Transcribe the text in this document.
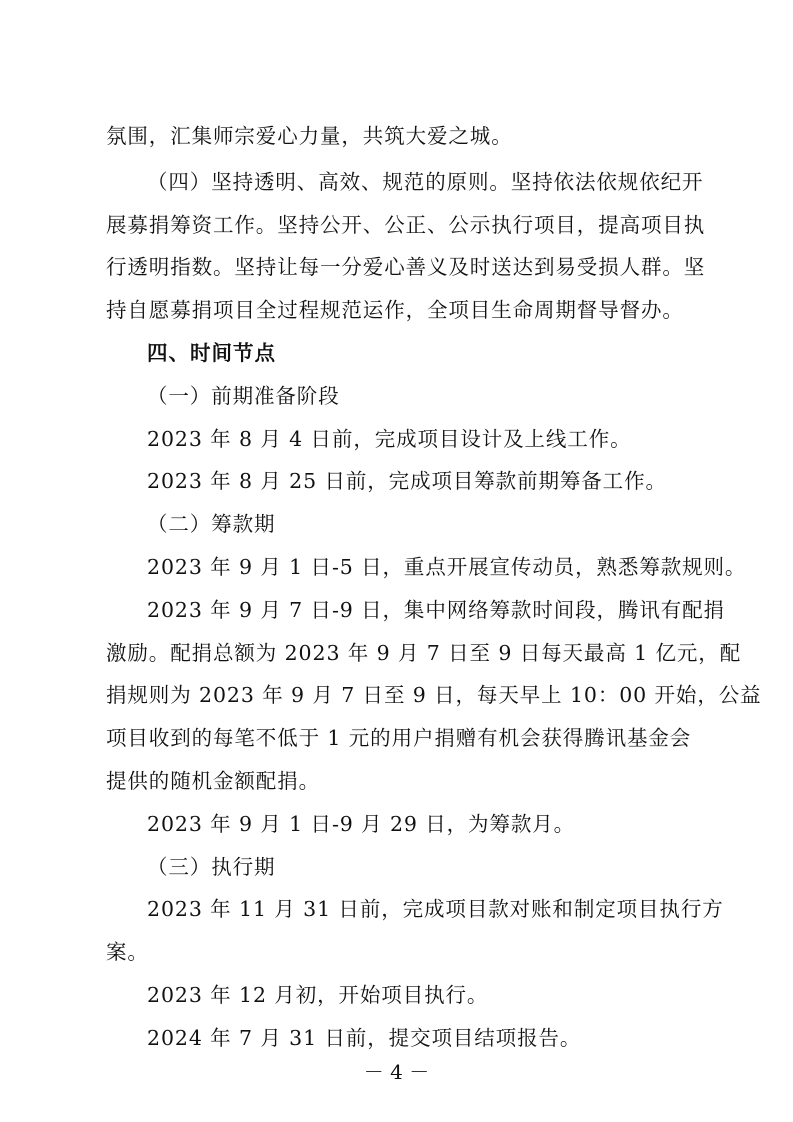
氛围，汇集师宗爱心力量，共筑大爱之城。
（四）坚持透明、高效、规范的原则。坚持依法依规依纪开
展募捐筹资工作。坚持公开、公正、公示执行项目，提高项目执
行透明指数。坚持让每一分爱心善义及时送达到易受损人群。坚
持自愿募捐项目全过程规范运作，全项目生命周期督导督办。
四、时间节点
（一）前期准备阶段
2023 年 8 月 4 日前，完成项目设计及上线工作。
2023 年 8 月 25 日前，完成项目筹款前期筹备工作。
（二）筹款期
2023 年 9 月 1 日-5 日，重点开展宣传动员，熟悉筹款规则。
2023 年 9 月 7 日-9 日，集中网络筹款时间段，腾讯有配捐
激励。配捐总额为 2023 年 9 月 7 日至 9 日每天最高 1 亿元，配
捐规则为 2023 年 9 月 7 日至 9 日，每天早上 10：00 开始，公益
项目收到的每笔不低于 1 元的用户捐赠有机会获得腾讯基金会
提供的随机金额配捐。
2023 年 9 月 1 日-9 月 29 日，为筹款月。
（三）执行期
2023 年 11 月 31 日前，完成项目款对账和制定项目执行方
案。
2023 年 12 月初，开始项目执行。
2024 年 7 月 31 日前，提交项目结项报告。
－ 4 －
